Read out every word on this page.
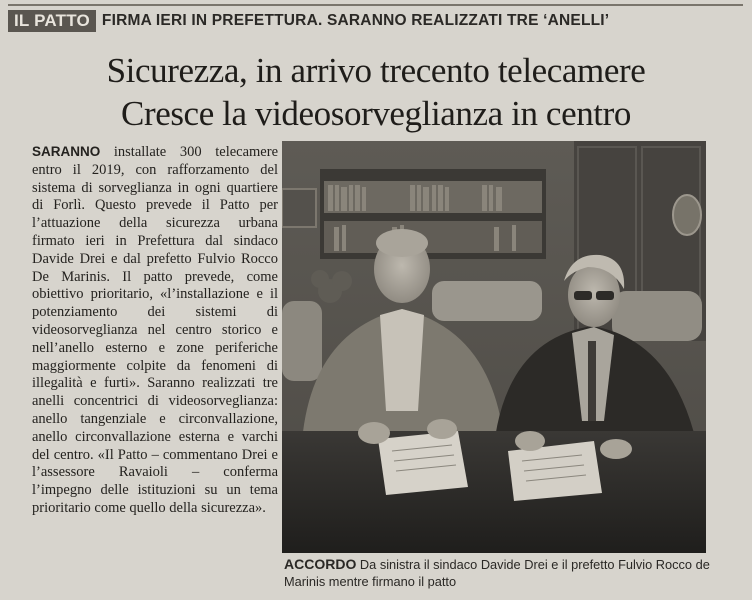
IL PATTO FIRMA IERI IN PREFETTURA. SARANNO REALIZZATI TRE ‘ANELLI’
Sicurezza, in arrivo trecento telecamere
Cresce la videosorveglianza in centro
SARANNO installate 300 telecamere entro il 2019, con rafforzamento del sistema di sorveglianza in ogni quartiere di Forlì. Questo prevede il Patto per l’attuazione della sicurezza urbana firmato ieri in Prefettura dal sindaco Davide Drei e dal prefetto Fulvio Rocco De Marinis. Il patto prevede, come obiettivo prioritario, «l’installazione e il potenziamento dei sistemi di videosorveglianza nel centro storico e nell’anello esterno e zone periferiche maggiormente colpite da fenomeni di illegalità e furti». Saranno realizzati tre anelli concentrici di videosorveglianza: anello tangenziale e circonvallazione, anello circonvallazione esterna e varchi del centro. «Il Patto – commentano Drei e l’assessore Ravaioli – conferma l’impegno delle istituzioni su un tema prioritario come quello della sicurezza».
ACCORDO Da sinistra il sindaco Davide Drei e il prefetto Fulvio Rocco de Marinis mentre firmano il patto
